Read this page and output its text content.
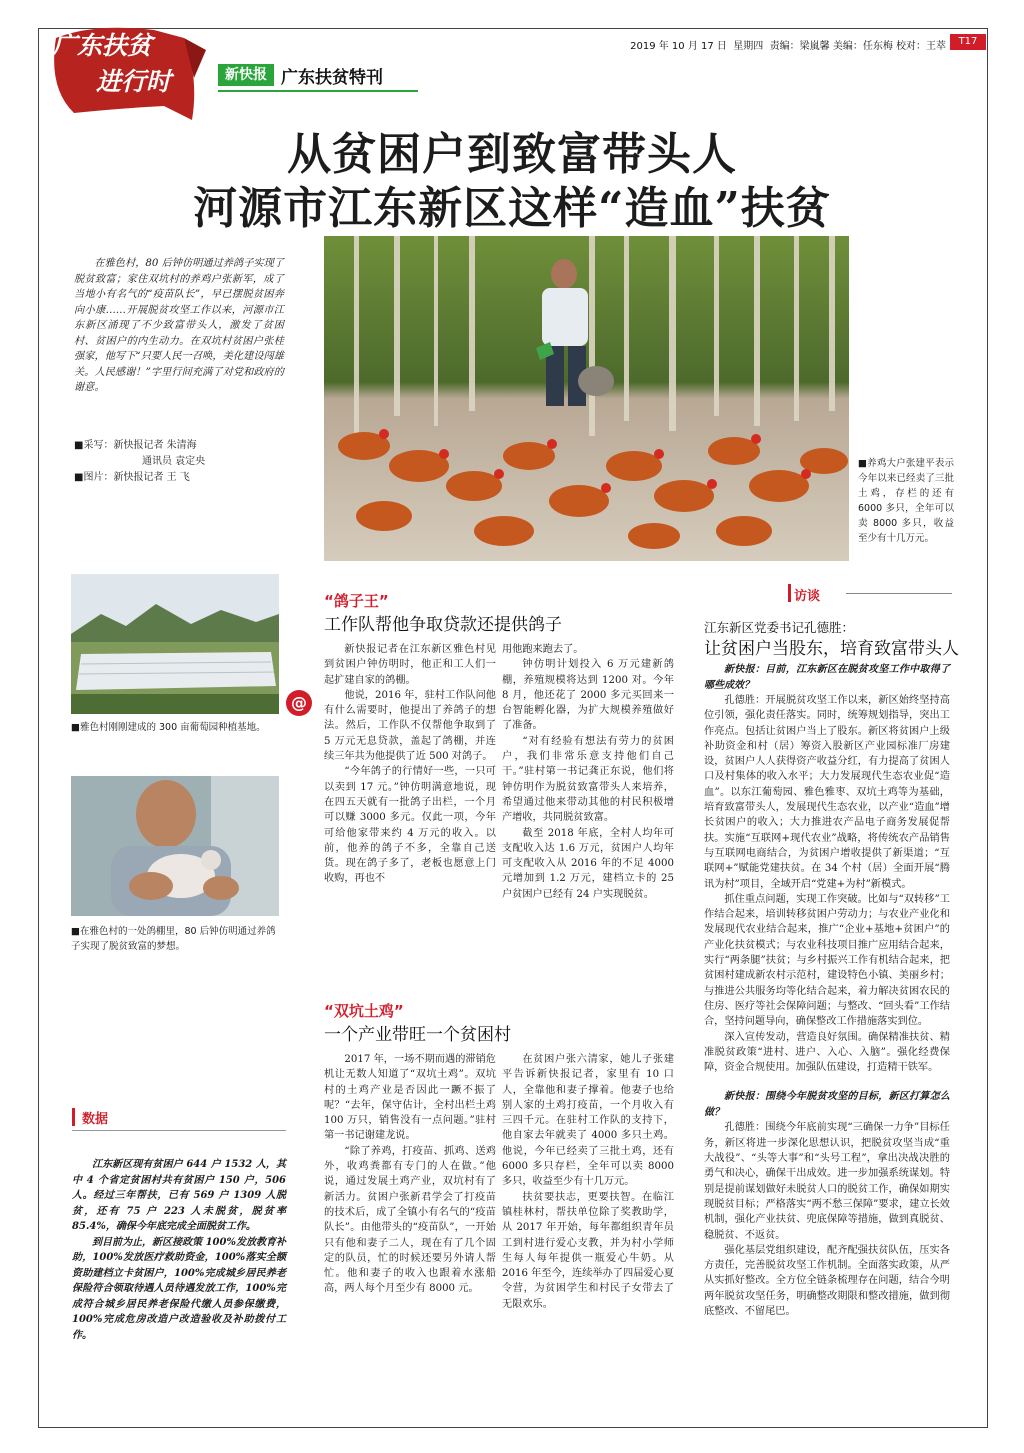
广东扶贫
进行时
2019 年 10 月 17 日 星期四 责编：梁嵐馨 美编：任东梅 校对：王萃	T17
新快报 广东扶贫特刊
从贫困户到致富带头人
河源市江东新区这样“造血”扶贫
在雅色村，80 后钟仿明通过养鸽子实现了脱贫致富；家住双坑村的养鸡户张新军，成了当地小有名气的“疫苗队长”，早已摆脱贫困奔向小康……开展脱贫攻坚工作以来，河源市江东新区涌现了不少致富带头人，激发了贫困村、贫困户的内生动力。在双坑村贫困户张桂强家，他写下“只要人民一召唤，美化建设闯雄关。人民感谢！”字里行间充满了对党和政府的谢意。
■采写：新快报记者 朱清海
通讯员 袁定央
■图片：新快报记者 王 飞
■养鸡大户张建平表示今年以来已经卖了三批土鸡，存栏的还有 6000 多只，全年可以卖 8000 多只，收益至少有十几万元。
■雅色村刚刚建成的 300 亩葡萄园种植基地。
■在雅色村的一处鸽棚里，80 后钟仿明通过养鸽子实现了脱贫致富的梦想。
@
“鸽子王”
工作队帮他争取贷款还提供鸽子

新快报记者在江东新区雅色村见到贫困户钟仿明时，他正和工人们一起扩建自家的鸽棚。

他说，2016 年，驻村工作队问他有什么需要时，他提出了养鸽子的想法。然后，工作队不仅帮他争取到了 5 万元无息贷款，盖起了鸽棚，并连续三年共为他提供了近 500 对鸽子。

“今年鸽子的行情好一些，一只可以卖到 17 元。”钟仿明满意地说，现在四五天就有一批鸽子出栏，一个月可以赚 3000 多元。仅此一项，今年可给他家带来约 4 万元的收入。以前，他养的鸽子不多，全靠自己送货。现在鸽子多了，老板也愿意上门收购，再也不

用他跑来跑去了。

钟仿明计划投入 6 万元建新鸽棚，养殖规模将达到 1200 对。今年 8 月，他还花了 2000 多元买回来一台智能孵化器，为扩大规模养殖做好了准备。

“对有经验有想法有劳力的贫困户，我们非常乐意支持他们自己干。”驻村第一书记龚正东说，他们将钟仿明作为脱贫致富带头人来培养，希望通过他来带动其他的村民积极增产增收，共同脱贫致富。

截至 2018 年底，全村人均年可支配收入达 1.6 万元，贫困户人均年可支配收入从 2016 年的不足 4000 元增加到 1.2 万元，建档立卡的 25 户贫困户已经有 24 户实现脱贫。

“双坑土鸡”
一个产业带旺一个贫困村

2017 年，一场不期而遇的滞销危机让无数人知道了“双坑土鸡”。双坑村的土鸡产业是否因此一蹶不振了呢？“去年，保守估计，全村出栏土鸡 100 万只，销售没有一点问题。”驻村第一书记谢建龙说。

“除了养鸡，打疫苗、抓鸡、送鸡外，收鸡粪都有专门的人在做。”他说，通过发展土鸡产业，双坑村有了新活力。贫困户张新君学会了打疫苗的技术后，成了全镇小有名气的“疫苗队长”。由他带头的“疫苗队”，一开始只有他和妻子二人，现在有了几个固定的队员，忙的时候还要另外请人帮忙。他和妻子的收入也跟着水涨船高，两人每个月至少有 8000 元。

在贫困户张六清家，她儿子张建平告诉新快报记者，家里有 10 口人，全靠他和妻子撑着。他妻子也给别人家的土鸡打疫苗，一个月收入有三四千元。在驻村工作队的支持下，他自家去年就卖了 4000 多只土鸡。他说，今年已经卖了三批土鸡，还有 6000 多只存栏，全年可以卖 8000 多只，收益至少有十几万元。

扶贫要扶志，更要扶智。在临江镇桂林村，帮扶单位除了奖教助学，从 2017 年开始，每年都组织青年员工到村进行爱心支教，并为村小学师生每人每年提供一瓶爱心牛奶。从 2016 年至今，连续举办了四届爱心夏令营，为贫困学生和村民子女带去了无限欢乐。

访谈
江东新区党委书记孔德胜：
让贫困户当股东，培育致富带头人

新快报：目前，江东新区在脱贫攻坚工作中取得了哪些成效？

孔德胜：开展脱贫攻坚工作以来，新区始终坚持高位引领，强化责任落实。同时，统筹规划指导，突出工作亮点。包括让贫困户当上了股东。新区将贫困户上级补助资金和村（居）筹资入股新区产业园标准厂房建设，贫困户人人获得资产收益分红，有力提高了贫困人口及村集体的收入水平；大力发展现代生态农业促“造血”。以东江葡萄园、雅色雅枣、双坑土鸡等为基础，培育致富带头人，发展现代生态农业，以产业“造血”增长贫困户的收入；大力推进农产品电子商务发展促帮扶。实施“互联网+现代农业”战略，将传统农产品销售与互联网电商结合，为贫困户增收提供了新渠道；“互联网+”赋能党建扶贫。在 34 个村（居）全面开展“腾讯为村”项目，全域开启“党建+为村”新模式。

抓住重点问题，实现工作突破。比如与“双转移”工作结合起来，培训转移贫困户劳动力；与农业产业化和发展现代农业结合起来，推广“企业+基地+贫困户”的产业化扶贫模式；与农业科技项目推广应用结合起来，实行“两条腿”扶贫；与乡村振兴工作有机结合起来，把贫困村建成新农村示范村，建设特色小镇、美丽乡村；与推进公共服务均等化结合起来，着力解决贫困农民的住房、医疗等社会保障问题；与整改、“回头看”工作结合，坚持问题导向，确保整改工作措施落实到位。

深入宣传发动，营造良好氛围。确保精准扶贫、精准脱贫政策“进村、进户、入心、入脑”。强化经费保障，资金合规使用。加强队伍建设，打造精干铁军。

新快报：围绕今年脱贫攻坚的目标，新区打算怎么做？

孔德胜：围绕今年底前实现“三确保一力争”目标任务，新区将进一步深化思想认识，把脱贫攻坚当成“重大战役”、“头等大事”和“头号工程”，拿出决战决胜的勇气和决心，确保干出成效。进一步加强系统谋划。特别是提前谋划做好未脱贫人口的脱贫工作，确保如期实现脱贫目标；严格落实“两不愁三保障”要求，建立长效机制，强化产业扶贫、兜底保障等措施，做到真脱贫、稳脱贫、不返贫。

强化基层党组织建设，配齐配强扶贫队伍，压实各方责任，完善脱贫攻坚工作机制。全面落实政策，从严从实抓好整改。全方位全链条梳理存在问题，结合今明两年脱贫攻坚任务，明确整改期限和整改措施，做到彻底整改、不留尾巴。

数据

江东新区现有贫困户 644 户 1532 人，其中 4 个省定贫困村共有贫困户 150 户，506 人。经过三年帮扶，已有 569 户 1309 人脱贫，还有 75 户 223 人未脱贫，脱贫率 85.4%，确保今年底完成全面脱贫工作。

到目前为止，新区接政策 100%发放教育补助，100%发放医疗救助资金，100%落实全额资助建档立卡贫困户，100%完成城乡居民养老保险符合领取待遇人员待遇发放工作，100%完成符合城乡居民养老保险代缴人员参保缴费，100%完成危房改造户改造验收及补助拨付工作。
